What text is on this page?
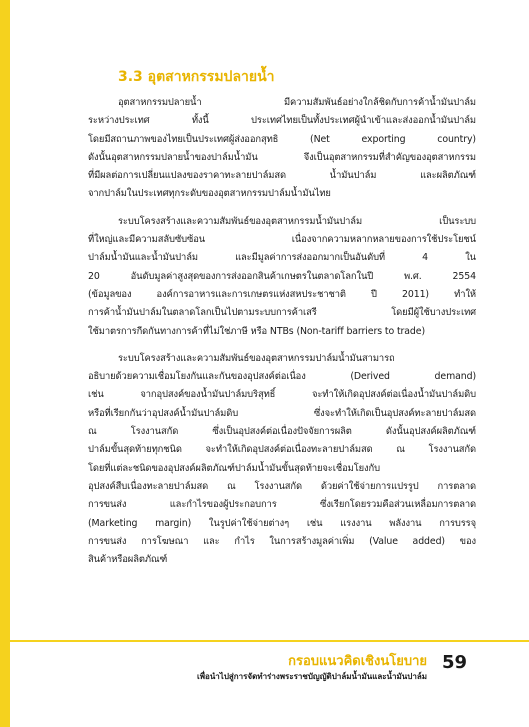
3.3 อุตสาหกรรมปลายน้ำ
อุตสาหกรรมปลายน้ำ มีความสัมพันธ์อย่างใกล้ชิดกับการค้าน้ำมันปาล์ม
ระหว่างประเทศ ทั้งนี้ ประเทศไทยเป็นทั้งประเทศผู้นำเข้าและส่งออกน้ำมันปาล์ม
โดยมีสถานภาพของไทยเป็นประเทศผู้ส่งออกสุทธิ (Net exporting country)
ดังนั้นอุตสาหกรรมปลายน้ำของปาล์มน้ำมัน จึงเป็นอุตสาหกรรมที่สำคัญของอุตสาหกรรม
ที่มีผลต่อการเปลี่ยนแปลงของราคาทะลายปาล์มสด น้ำมันปาล์ม และผลิตภัณฑ์
จากปาล์มในประเทศทุกระดับของอุตสาหกรรมปาล์มน้ำมันไทย
ระบบโครงสร้างและความสัมพันธ์ของอุตสาหกรรมน้ำมันปาล์ม เป็นระบบ
ที่ใหญ่และมีความสลับซับซ้อน เนื่องจากความหลากหลายของการใช้ประโยชน์
ปาล์มน้ำมันและน้ำมันปาล์ม และมีมูลค่าการส่งออกมากเป็นอันดับที่ 4 ใน
20 อันดับมูลค่าสูงสุดของการส่งออกสินค้าเกษตรในตลาดโลกในปี พ.ศ. 2554
(ข้อมูลของ องค์การอาหารและการเกษตรแห่งสหประชาชาติ ปี 2011) ทำให้
การค้าน้ำมันปาล์มในตลาดโลกเป็นไปตามระบบการค้าเสรี โดยมีผู้ใช้บางประเทศ
ใช้มาตรการกีดกันทางการค้าที่ไม่ใช่ภาษี หรือ NTBs (Non-tariff barriers to trade)
ระบบโครงสร้างและความสัมพันธ์ของอุตสาหกรรมปาล์มน้ำมันสามารถ
อธิบายด้วยความเชื่อมโยงกันและกันของอุปสงค์ต่อเนื่อง (Derived demand)
เช่น จากอุปสงค์ของน้ำมันปาล์มบริสุทธิ์ จะทำให้เกิดอุปสงค์ต่อเนื่องน้ำมันปาล์มดิบ
หรือที่เรียกกันว่าอุปสงค์น้ำมันปาล์มดิบ ซึ่งจะทำให้เกิดเป็นอุปสงค์ทะลายปาล์มสด
ณ โรงงานสกัด ซึ่งเป็นอุปสงค์ต่อเนื่องปัจจัยการผลิต ดังนั้นอุปสงค์ผลิตภัณฑ์
ปาล์มขั้นสุดท้ายทุกชนิด จะทำให้เกิดอุปสงค์ต่อเนื่องทะลายปาล์มสด ณ โรงงานสกัด
โดยที่แต่ละชนิดของอุปสงค์ผลิตภัณฑ์ปาล์มน้ำมันขั้นสุดท้ายจะเชื่อมโยงกับ
อุปสงค์สืบเนื่องทะลายปาล์มสด ณ โรงงานสกัด ด้วยค่าใช้จ่ายการแปรรูป การตลาด
การขนส่ง และกำไรของผู้ประกอบการ ซึ่งเรียกโดยรวมคือส่วนเหลื่อมการตลาด
(Marketing margin) ในรูปค่าใช้จ่ายต่างๆ เช่น แรงงาน พลังงาน การบรรจุ
การขนส่ง การโฆษณา และ กำไร ในการสร้างมูลค่าเพิ่ม (Value added) ของ
สินค้าหรือผลิตภัณฑ์
กรอบแนวคิดเชิงนโยบาย
เพื่อนำไปสู่การจัดทำร่างพระราชบัญญัติปาล์มน้ำมันและน้ำมันปาล์ม
59
